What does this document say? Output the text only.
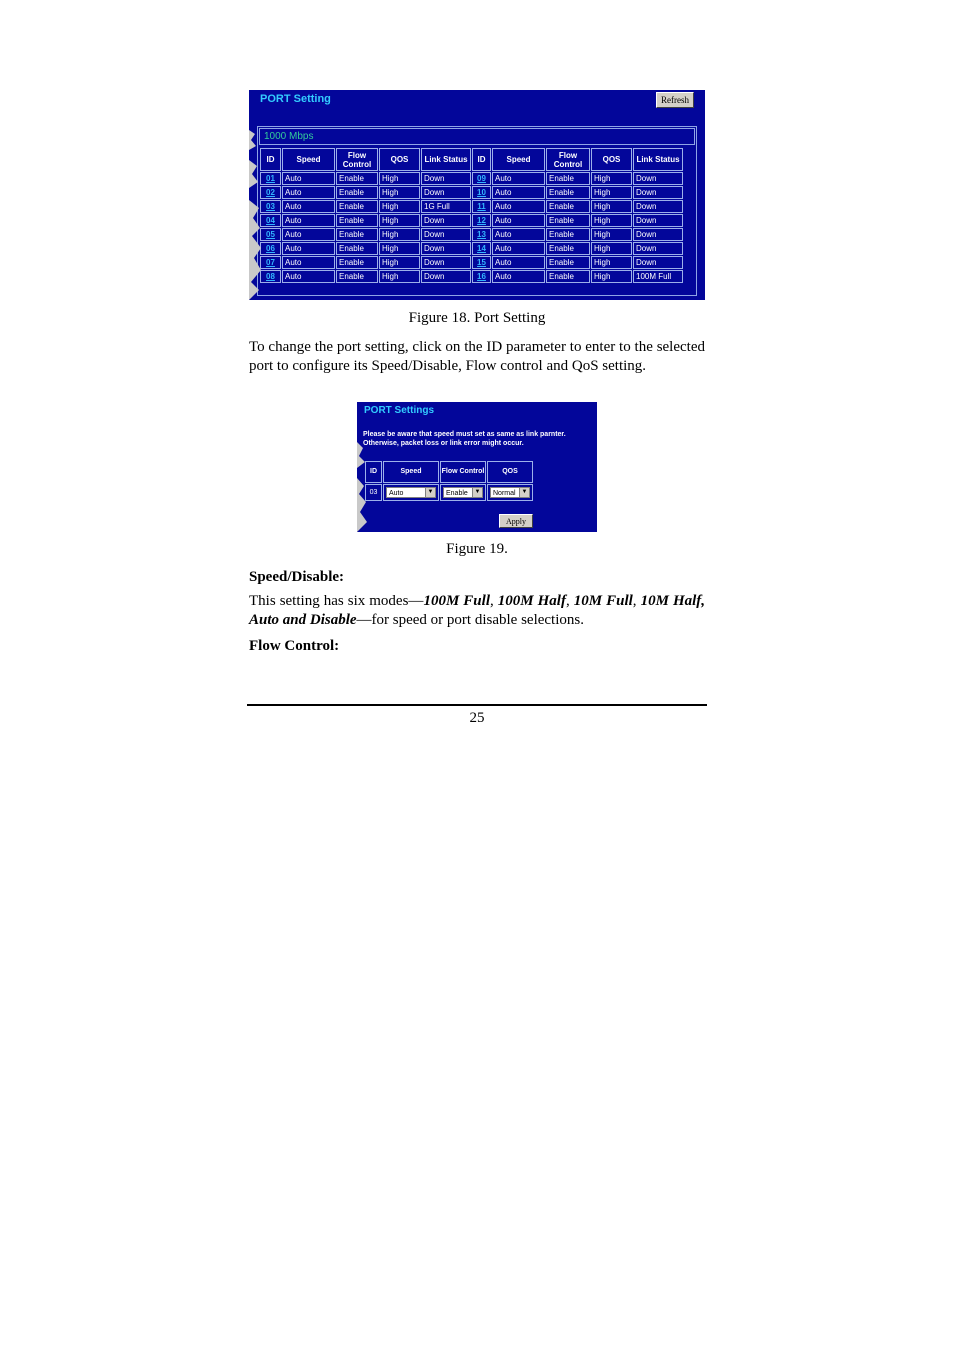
PORT Setting	Refresh
1000 Mbps
ID	Speed	Flow Control	QOS	Link Status	ID	Speed	Flow Control	QOS	Link Status
01	Auto	Enable	High	Down	09	Auto	Enable	High	Down
02	Auto	Enable	High	Down	10	Auto	Enable	High	Down
03	Auto	Enable	High	1G Full	11	Auto	Enable	High	Down
04	Auto	Enable	High	Down	12	Auto	Enable	High	Down
05	Auto	Enable	High	Down	13	Auto	Enable	High	Down
06	Auto	Enable	High	Down	14	Auto	Enable	High	Down
07	Auto	Enable	High	Down	15	Auto	Enable	High	Down
08	Auto	Enable	High	Down	16	Auto	Enable	High	100M Full
Figure 18. Port Setting
To change the port setting, click on the ID parameter to enter to the selected port to configure its Speed/Disable, Flow control and QoS setting.
PORT Settings
Please be aware that speed must set as same as link parnter.
Otherwise, packet loss or link error might occur.
ID	Speed	Flow Control	QOS
03	Auto ▼	Enable ▼	Normal ▼
Apply
Figure 19.
Speed/Disable:
This setting has six modes—100M Full, 100M Half, 10M Full, 10M Half, Auto and Disable—for speed or port disable selections.
Flow Control:
25
